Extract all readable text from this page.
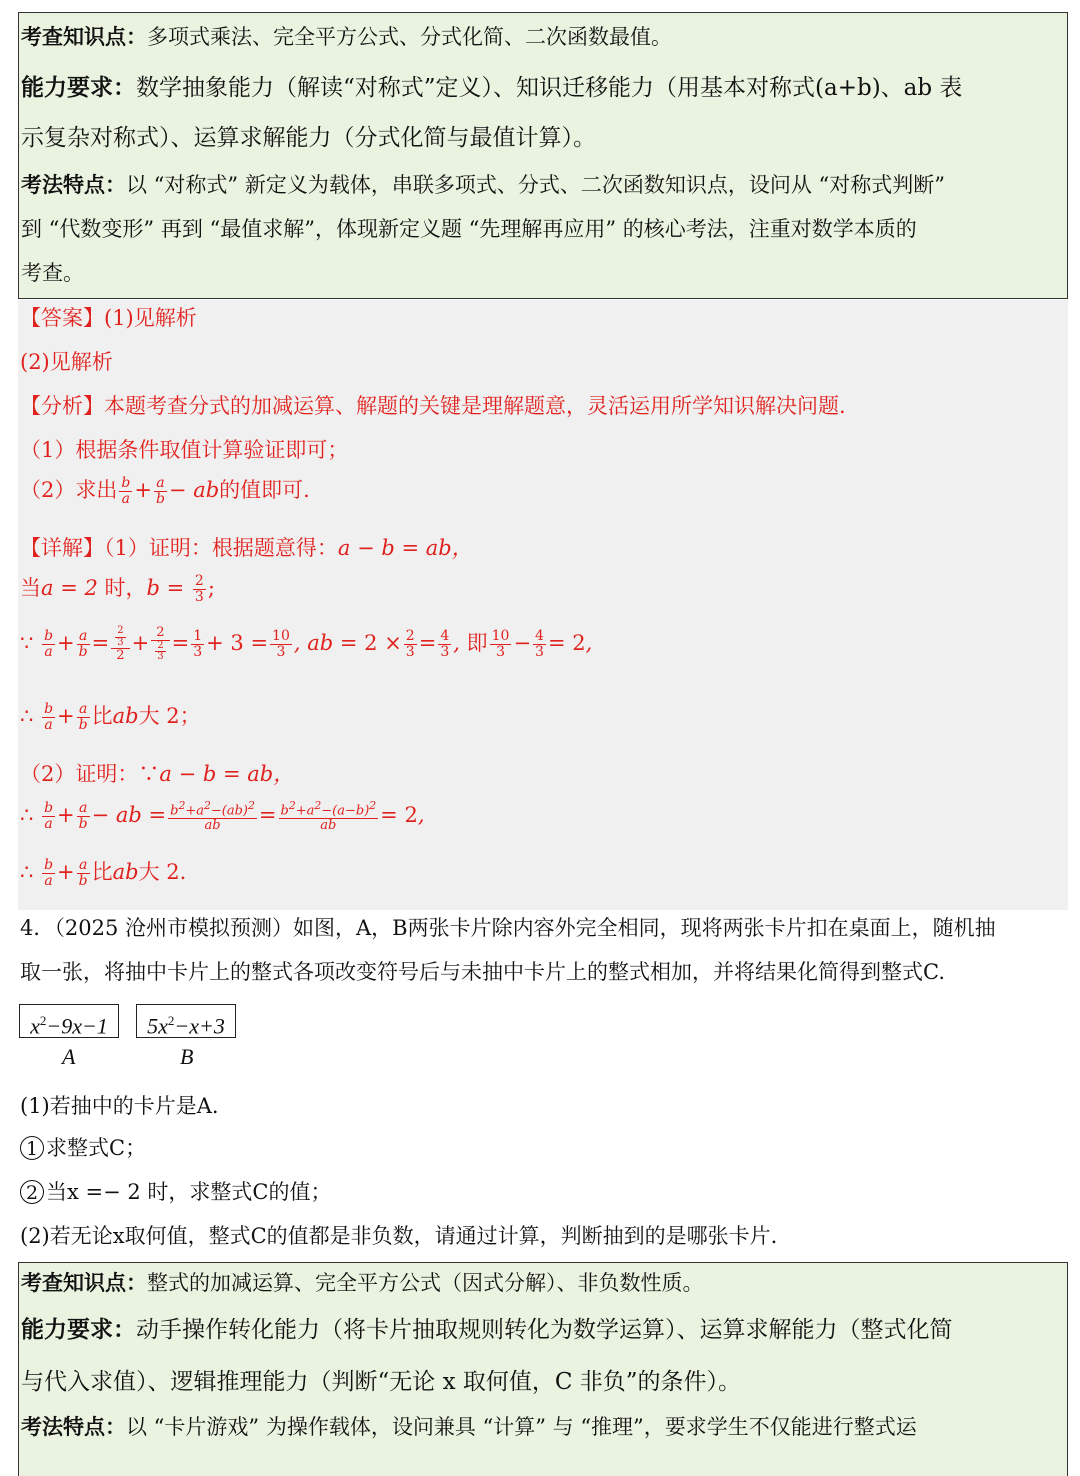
考查知识点：多项式乘法、完全平方公式、分式化简、二次函数最值。
能力要求：数学抽象能力（解读“对称式”定义）、知识迁移能力（用基本对称式(a+b)、ab 表
示复杂对称式）、运算求解能力（分式化简与最值计算）。
考法特点：以 “对称式” 新定义为载体，串联多项式、分式、二次函数知识点，设问从 “对称式判断”
到 “代数变形” 再到 “最值求解”，体现新定义题 “先理解再应用” 的核心考法，注重对数学本质的
考查。
【答案】(1)见解析
(2)见解析
【分析】本题考查分式的加减运算、解题的关键是理解题意，灵活运用所学知识解决问题.
（1）根据条件取值计算验证即可；
（2）求出 $\frac{b}{a} + \frac{a}{b}$ − ab的值即可.
【详解】（1）证明：根据题意得：a − b = ab，
当a = 2 时，$b = \frac{2}{3}$ ;
∵ $\frac{b}{a} + \frac{a}{b} = \frac{\frac{2}{3}}{2} + \frac{2}{\frac{2}{3}} = \frac{1}{3} + 3 = \frac{10}{3}$ , ab = $2 \times \frac{2}{3} = \frac{4}{3}$ , 即 $\frac{10}{3} - \frac{4}{3} = 2$,
∴ $\frac{b}{a} + \frac{a}{b}$ 比ab大 2；
（2）证明：∵a − b = ab，
∴ $\frac{b}{a} + \frac{a}{b}$ − ab = $\frac{b^2+a^2-(ab)^2}{ab} = \frac{b^2+a^2-(a-b)^2}{ab} = 2$,
∴ $\frac{b}{a} + \frac{a}{b}$ 比ab大 2.
4．（2025 沧州市模拟预测）如图，A，B两张卡片除内容外完全相同，现将两张卡片扣在桌面上，随机抽
取一张，将抽中卡片上的整式各项改变符号后与未抽中卡片上的整式相加，并将结果化简得到整式C.
$x^2-9x-1$	$5x^2-x+3$
A	B
(1)若抽中的卡片是A.
1 求整式C；
2 当x =− 2 时，求整式C的值；
(2)若无论x取何值，整式C的值都是非负数，请通过计算，判断抽到的是哪张卡片.
考查知识点：整式的加减运算、完全平方公式（因式分解）、非负数性质。
能力要求：动手操作转化能力（将卡片抽取规则转化为数学运算）、运算求解能力（整式化简
与代入求值）、逻辑推理能力（判断“无论 x 取何值，C 非负”的条件）。
考法特点：以 “卡片游戏” 为操作载体，设问兼具 “计算” 与 “推理”，要求学生不仅能进行整式运
